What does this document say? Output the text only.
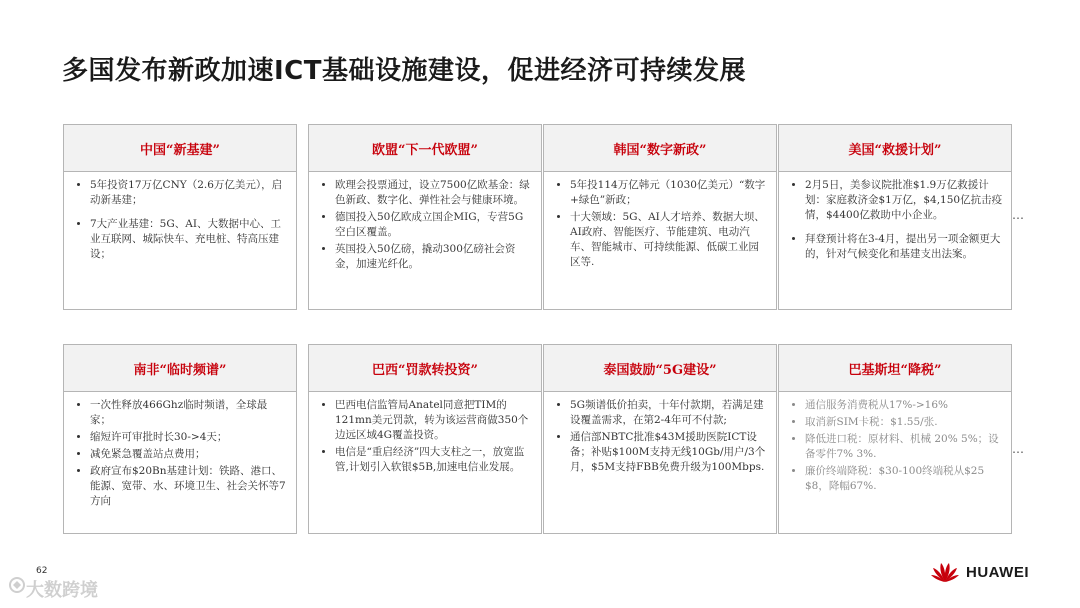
多国发布新政加速ICT基础设施建设，促进经济可持续发展
中国“新基建”
• 5年投资17万亿CNY（2.6万亿美元），启动新基建；
• 7大产业基建：5G、AI、大数据中心、工业互联网、城际快车、充电桩、特高压建设；
欧盟“下一代欧盟”
• 欧理会投票通过，设立7500亿欧基金：绿色新政、数字化、弹性社会与健康环境。
• 德国投入50亿欧成立国企MIG，专营5G空白区覆盖。
• 英国投入50亿磅，撬动300亿磅社会资金，加速光纤化。
韩国“数字新政”
• 5年投114万亿韩元（1030亿美元）“数字+绿色”新政；
• 十大领域：5G、AI人才培养、数据大坝、AI政府、智能医疗、节能建筑、电动汽车、智能城市、可持续能源、低碳工业园区等.
美国“救援计划”
• 2月5日，美参议院批准$1.9万亿救援计划：家庭救济金$1万亿，$4,150亿抗击疫情，$4400亿救助中小企业。
• 拜登预计将在3-4月，提出另一项金额更大的，针对气候变化和基建支出法案。
…
南非“临时频谱”
• 一次性释放466Ghz临时频谱，全球最家；
• 缩短许可审批时长30->4天；
• 减免紧急覆盖站点费用；
• 政府宣布$20Bn基建计划：铁路、港口、能源、宽带、水、环境卫生、社会关怀等7方向
巴西“罚款转投资”
• 巴西电信监管局Anatel同意把TIM的121mn美元罚款，转为该运营商做350个边远区域4G覆盖投资。
• 电信是“重启经济”四大支柱之一，放宽监管,计划引入软银$5B,加速电信业发展。
泰国鼓励“5G建设”
• 5G频谱低价拍卖，十年付款期，若满足建设覆盖需求，在第2-4年可不付款;
• 通信部NBTC批准$43M援助医院ICT设备；补贴$100M支持无线10Gb/用户/3个月，$5M支持FBB免费升级为100Mbps.
巴基斯坦“降税”
• 通信服务消费税从17%->16%
• 取消新SIM卡税：$1.55/张.
• 降低进口税：原材料、机械 20% 5%；设备零件7% 3%.
• 廉价终端降税：$30-100终端税从$25 $8，降幅67%.
…
62
大数跨境
HUAWEI
